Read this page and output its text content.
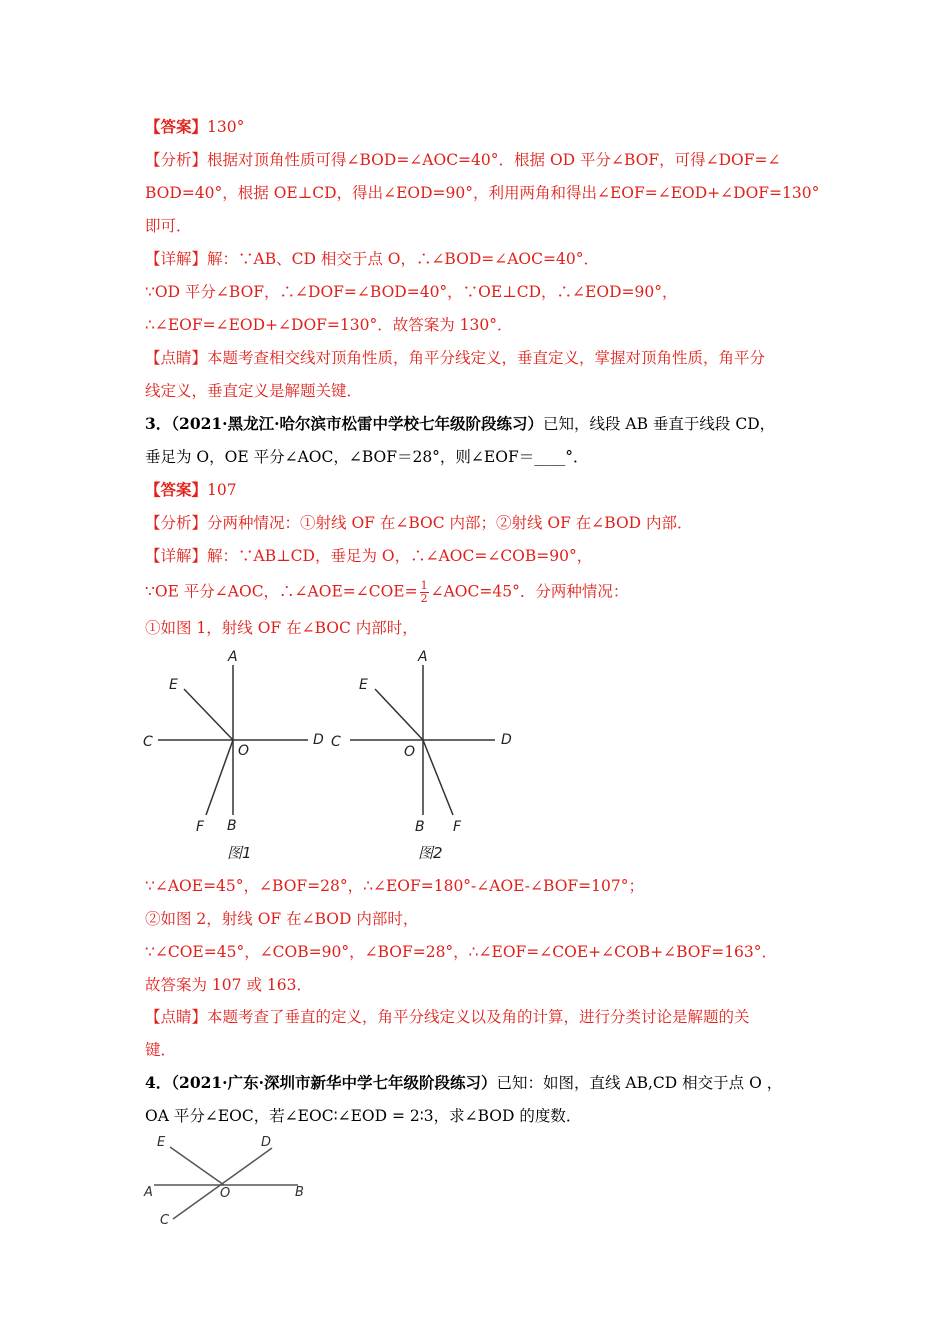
【答案】130°
【分析】根据对顶角性质可得∠BOD=∠AOC=40°．根据 OD 平分∠BOF，可得∠DOF=∠
BOD=40°，根据 OE⊥CD，得出∠EOD=90°，利用两角和得出∠EOF=∠EOD+∠DOF=130°
即可．
【详解】解：∵AB、CD 相交于点 O，∴∠BOD=∠AOC=40°．
∵OD 平分∠BOF，∴∠DOF=∠BOD=40°，∵OE⊥CD，∴∠EOD=90°，
∴∠EOF=∠EOD+∠DOF=130°．故答案为 130°．
【点睛】本题考查相交线对顶角性质，角平分线定义，垂直定义，掌握对顶角性质，角平分
线定义，垂直定义是解题关键．
3．（2021·黑龙江·哈尔滨市松雷中学校七年级阶段练习）已知，线段 AB 垂直于线段 CD，
垂足为 O，OE 平分∠AOC，∠BOF＝28°，则∠EOF＝____°．
【答案】107
【分析】分两种情况：①射线 OF 在∠BOC 内部；②射线 OF 在∠BOD 内部．
【详解】解：∵AB⊥CD，垂足为 O，∴∠AOC=∠COB=90°，
∵OE 平分∠AOC，∴∠AOE=∠COE= $\frac{1}{2}$ ∠AOC=45°．分两种情况：
①如图 1，射线 OF 在∠BOC 内部时，
A
E
C	D
O
F B
图1
A
E
C	D
O
B F
图2
∵∠AOE=45°，∠BOF=28°，∴∠EOF=180°-∠AOE-∠BOF=107°；
②如图 2，射线 OF 在∠BOD 内部时，
∵∠COE=45°，∠COB=90°，∠BOF=28°，∴∠EOF=∠COE+∠COB+∠BOF=163°．
故答案为 107 或 163．
【点睛】本题考查了垂直的定义，角平分线定义以及角的计算，进行分类讨论是解题的关
键．
4．（2021·广东·深圳市新华中学七年级阶段练习）已知：如图，直线 AB,CD 相交于点 O ，
OA 平分∠EOC，若∠EOC∶∠EOD = 2∶3，求∠BOD 的度数．
E	D
A	O	B
C
